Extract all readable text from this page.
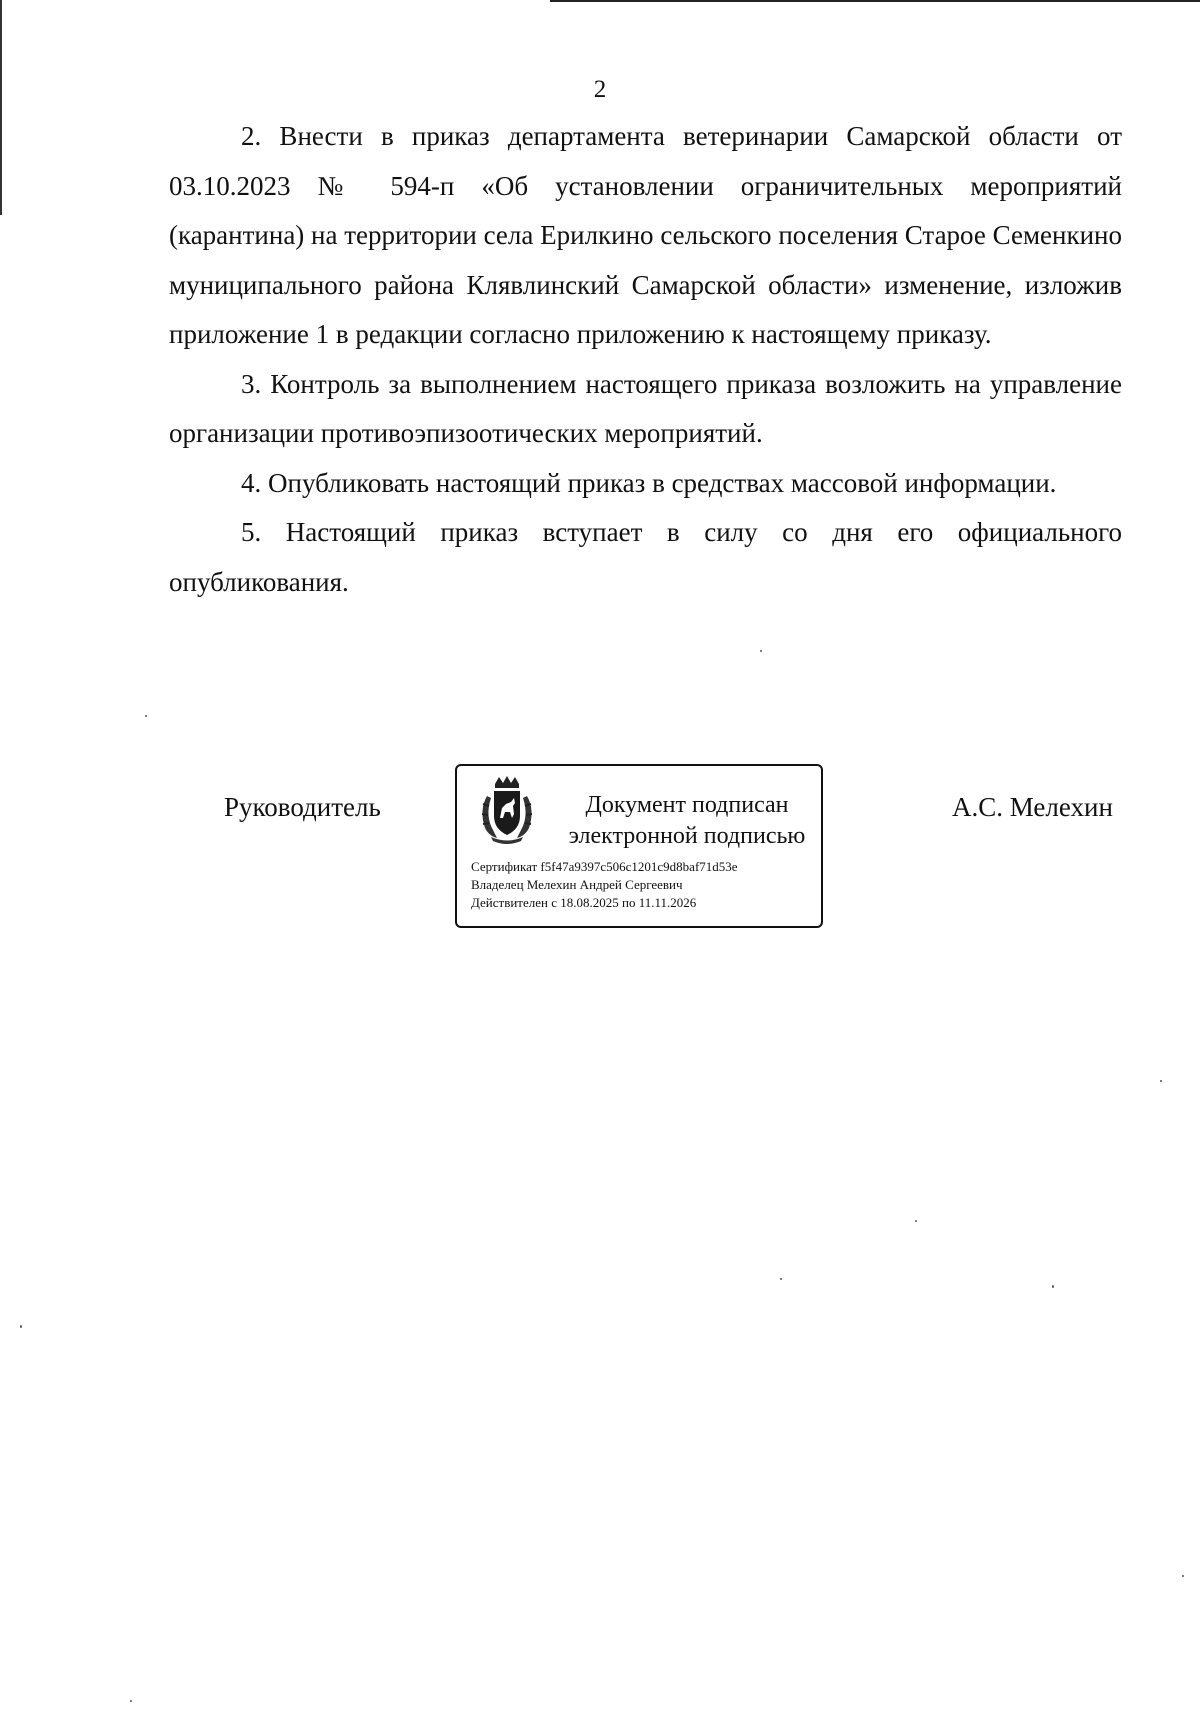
2

2. Внести в приказ департамента ветеринарии Самарской области от 03.10.2023 № 594-п «Об установлении ограничительных мероприятий (карантина) на территории села Ерилкино сельского поселения Старое Семенкино муниципального района Клявлинский Самарской области» изменение, изложив приложение 1 в редакции согласно приложению к настоящему приказу.

3. Контроль за выполнением настоящего приказа возложить на управление организации противоэпизоотических мероприятий.

4. Опубликовать настоящий приказ в средствах массовой информации.

5. Настоящий приказ вступает в силу со дня его официального опубликования.

Руководитель	Документ подписан
электронной подписью
Сертификат f5f47a9397c506c1201c9d8baf71d53e
Владелец Мелехин Андрей Сергеевич
Действителен с 18.08.2025 по 11.11.2026
А.С. Мелехин
